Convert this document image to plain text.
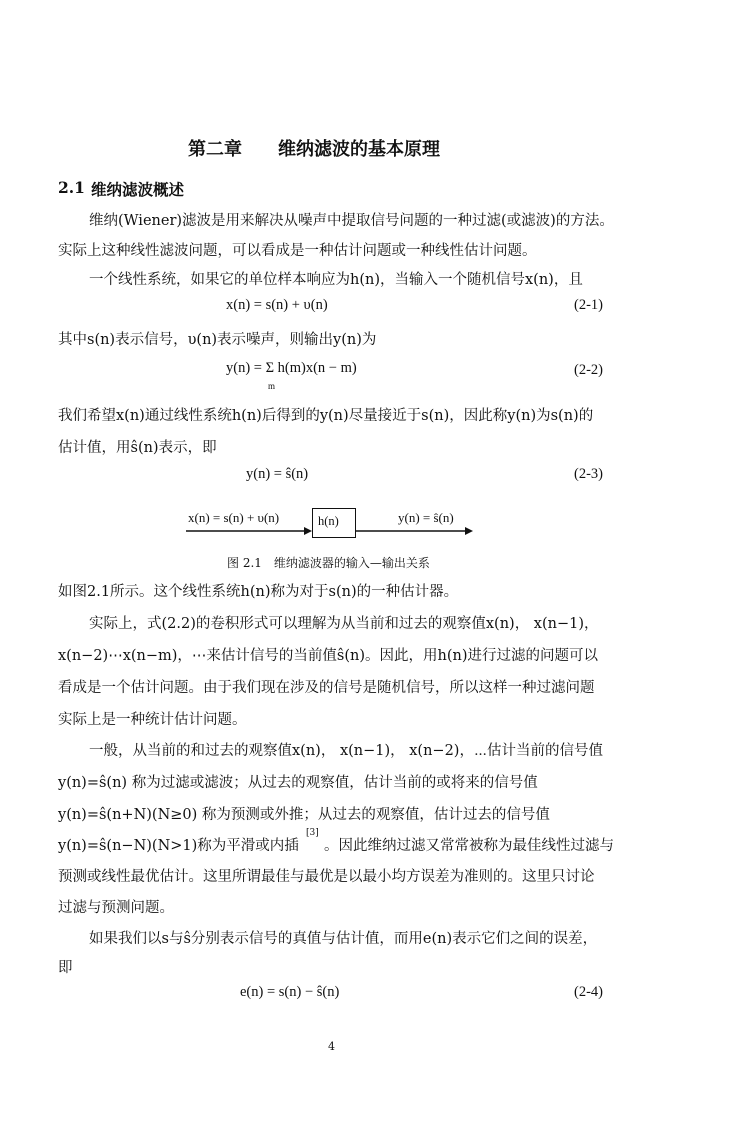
第二章 维纳滤波的基本原理
2.1 维纳滤波概述
维纳(Wiener)滤波是用来解决从噪声中提取信号问题的一种过滤(或滤波)的方法。
实际上这种线性滤波问题，可以看成是一种估计问题或一种线性估计问题。
一个线性系统，如果它的单位样本响应为h(n)，当输入一个随机信号x(n)，且
x(n) = s(n) + υ(n)	(2-1)
其中s(n)表示信号，υ(n)表示噪声，则输出y(n)为
y(n) = Σ h(m)x(n − m)
m
(2-2)
我们希望x(n)通过线性系统h(n)后得到的y(n)尽量接近于s(n)，因此称y(n)为s(n)的
估计值，用ŝ(n)表示，即
y(n) = ŝ(n)	(2-3)
h(n)
x(n) = s(n) + υ(n)	y(n) = ŝ(n)
图 2.1　维纳滤波器的输入—输出关系
如图2.1所示。这个线性系统h(n)称为对于s(n)的一种估计器。
实际上，式(2.2)的卷积形式可以理解为从当前和过去的观察值x(n)， x(n−1)，
x(n−2)⋯x(n−m)，⋯来估计信号的当前值ŝ(n)。因此，用h(n)进行过滤的问题可以
看成是一个估计问题。由于我们现在涉及的信号是随机信号，所以这样一种过滤问题
实际上是一种统计估计问题。
一般，从当前的和过去的观察值x(n)， x(n−1)， x(n−2)，⋯估计当前的信号值
y(n)=ŝ(n) 称为过滤或滤波；从过去的观察值，估计当前的或将来的信号值
y(n)=ŝ(n+N)(N≥0) 称为预测或外推；从过去的观察值，估计过去的信号值
y(n)=ŝ(n−N)(N>1)称为平滑或内插
[3]
。因此维纳过滤又常常被称为最佳线性过滤与
预测或线性最优估计。这里所谓最佳与最优是以最小均方误差为准则的。这里只讨论
过滤与预测问题。
如果我们以s与ŝ分别表示信号的真值与估计值，而用e(n)表示它们之间的误差，
即
e(n) = s(n) − ŝ(n)	(2-4)
4
